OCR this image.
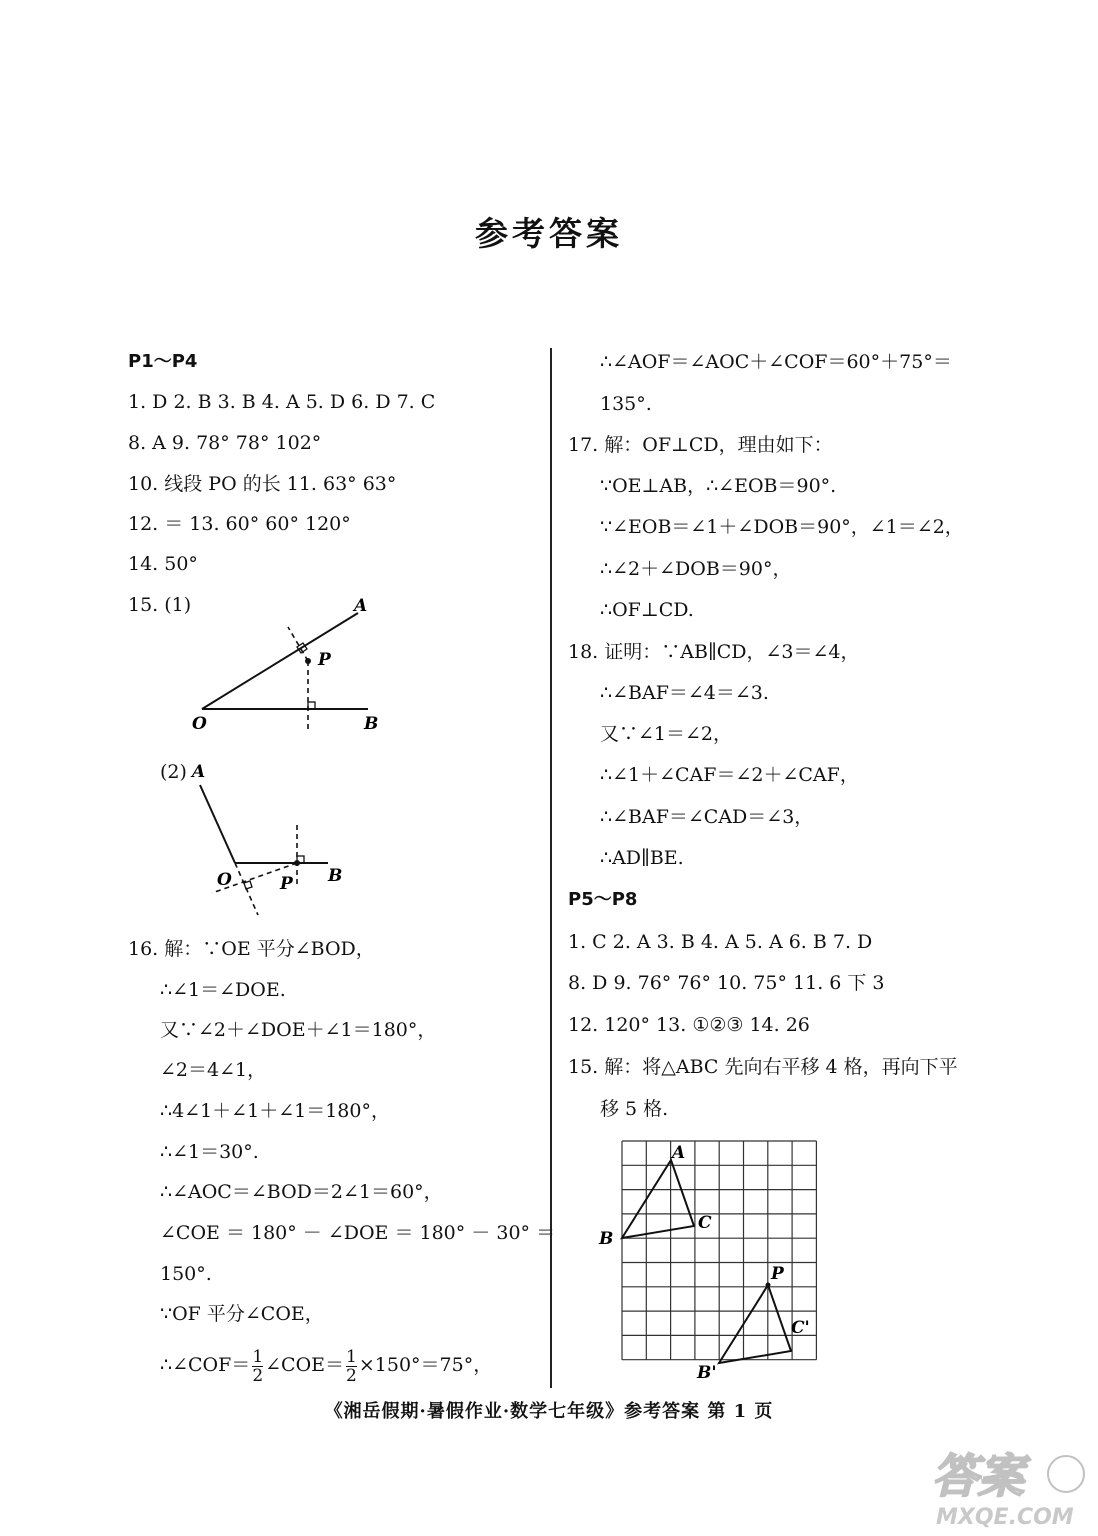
参考答案
P1～P4
1. D 2. B 3. B 4. A 5. D 6. D 7. C
8. A 9. 78° 78° 102°
10. 线段 PO 的长 11. 63° 63°
12. ＝ 13. 60° 60° 120°
14. 50°
15. (1)	A
P
O	B
(2) A
O	P B
16. 解：∵OE 平分∠BOD，
∴∠1＝∠DOE.
又∵∠2＋∠DOE＋∠1＝180°，
∠2＝4∠1，
∴4∠1＋∠1＋∠1＝180°，
∴∠1＝30°.
∴∠AOC＝∠BOD＝2∠1＝60°，
∠COE ＝ 180° － ∠DOE ＝ 180° － 30° ＝
150°.
∵OF 平分∠COE，
∴∠COF＝ $\frac{1}{2}$ ∠COE＝ $\frac{1}{2} \times 150^\circ=75^\circ$，
∴∠AOF＝∠AOC＋∠COF＝60°＋75°＝
135°.
17. 解：OF⊥CD，理由如下：
∵OE⊥AB，∴∠EOB＝90°.
∵∠EOB＝∠1＋∠DOB＝90°，∠1＝∠2，
∴∠2＋∠DOB＝90°，
∴OF⊥CD.
18. 证明：∵AB∥CD，∠3＝∠4，
∴∠BAF＝∠4＝∠3.
又∵∠1＝∠2，
∴∠1＋∠CAF＝∠2＋∠CAF，
∴∠BAF＝∠CAD＝∠3，
∴AD∥BE.
P5～P8
1. C 2. A 3. B 4. A 5. A 6. B 7. D
8. D 9. 76° 76° 10. 75° 11. 6 下 3
12. 120° 13. ①②③ 14. 26
15. 解：将△ABC 先向右平移 4 格，再向下平
移 5 格.
A
C
B
P
C'
B'
《湘岳假期·暑假作业·数学七年级》参考答案 第 1 页
答案
MXQE.COM
